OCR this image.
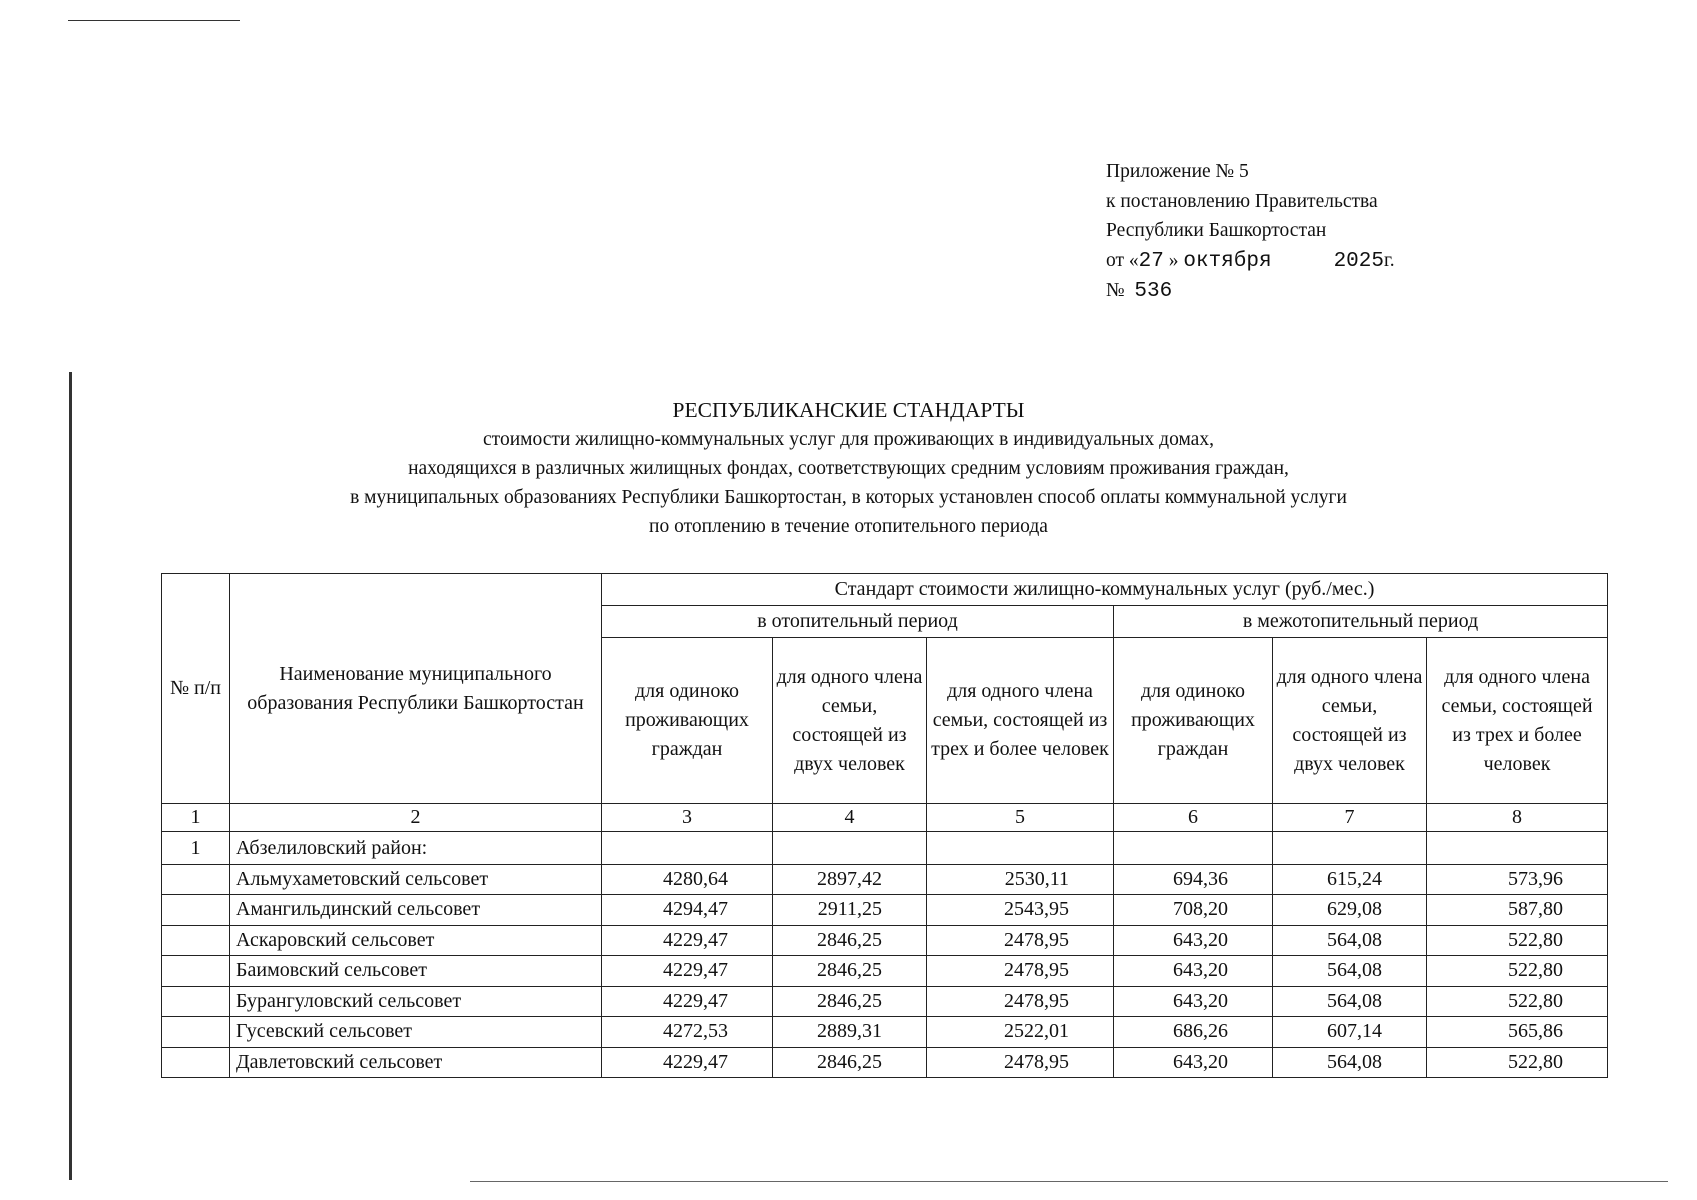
Приложение № 5
к постановлению Правительства
Республики Башкортостан
от «27 » октября	2025г.
№ 536
РЕСПУБЛИКАНСКИЕ СТАНДАРТЫ
стоимости жилищно-коммунальных услуг для проживающих в индивидуальных домах,
находящихся в различных жилищных фондах, соответствующих средним условиям проживания граждан,
в муниципальных образованиях Республики Башкортостан, в которых установлен способ оплаты коммунальной услуги
по отоплению в течение отопительного периода
№ п/п	Наименование муниципального образования Республики Башкортостан	Стандарт стоимости жилищно-коммунальных услуг (руб./мес.)					
		в отопительный период			в межотопительный период		
		для одиноко проживающих граждан	для одного члена семьи, состоящей из двух человек	для одного члена семьи, состоящей из трех и более человек	для одиноко проживающих граждан	для одного члена семьи, состоящей из двух человек	для одного члена семьи, состоящей из трех и более человек
1	2	3	4	5	6	7	8
1	Абзелиловский район:						
	Альмухаметовский сельсовет	4280,64	2897,42	2530,11	694,36	615,24	573,96
	Амангильдинский сельсовет	4294,47	2911,25	2543,95	708,20	629,08	587,80
	Аскаровский сельсовет	4229,47	2846,25	2478,95	643,20	564,08	522,80
	Баимовский сельсовет	4229,47	2846,25	2478,95	643,20	564,08	522,80
	Бурангуловский сельсовет	4229,47	2846,25	2478,95	643,20	564,08	522,80
	Гусевский сельсовет	4272,53	2889,31	2522,01	686,26	607,14	565,86
	Давлетовский сельсовет	4229,47	2846,25	2478,95	643,20	564,08	522,80
